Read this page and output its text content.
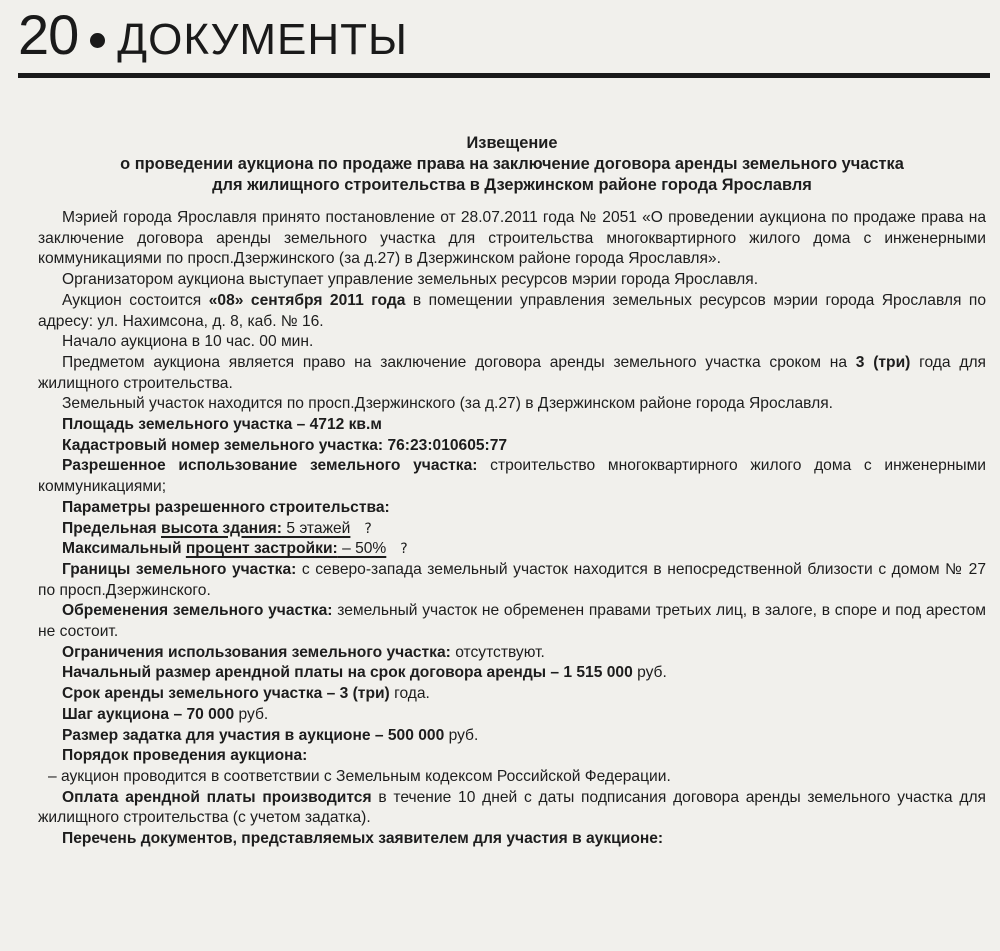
20 ДОКУМЕНТЫ
Извещение
о проведении аукциона по продаже права на заключение договора аренды земельного участка
для жилищного строительства в Дзержинском районе города Ярославля

Мэрией города Ярославля принято постановление от 28.07.2011 года № 2051 «О проведении аукциона по продаже права на заключение договора аренды земельного участка для строительства многоквартирного жилого дома с инженерными коммуникациями по просп.Дзержинского (за д.27) в Дзержинском районе города Ярославля».

Организатором аукциона выступает управление земельных ресурсов мэрии города Ярославля.

Аукцион состоится «08» сентября 2011 года в помещении управления земельных ресурсов мэрии города Ярославля по адресу: ул. Нахимсона, д. 8, каб. № 16.

Начало аукциона в 10 час. 00 мин.

Предметом аукциона является право на заключение договора аренды земельного участка сроком на 3 (три) года для жилищного строительства.

Земельный участок находится по просп.Дзержинского (за д.27) в Дзержинском районе города Ярославля.

Площадь земельного участка – 4712 кв.м

Кадастровый номер земельного участка: 76:23:010605:77

Разрешенное использование земельного участка: строительство многоквартирного жилого дома с инженерными коммуникациями;

Параметры разрешенного строительства:

Предельная высота здания: 5 этажей ?

Максимальный процент застройки: – 50% ?

Границы земельного участка: с северо-запада земельный участок находится в непосредственной близости с домом № 27 по просп.Дзержинского.

Обременения земельного участка: земельный участок не обременен правами третьих лиц, в залоге, в споре и под арестом не состоит.

Ограничения использования земельного участка: отсутствуют.

Начальный размер арендной платы на срок договора аренды – 1 515 000 руб.

Срок аренды земельного участка – 3 (три) года.

Шаг аукциона – 70 000 руб.

Размер задатка для участия в аукционе – 500 000 руб.

Порядок проведения аукциона:

– аукцион проводится в соответствии с Земельным кодексом Российской Федерации.

Оплата арендной платы производится в течение 10 дней с даты подписания договора аренды земельного участка для жилищного строительства (с учетом задатка).

Перечень документов, представляемых заявителем для участия в аукционе:
